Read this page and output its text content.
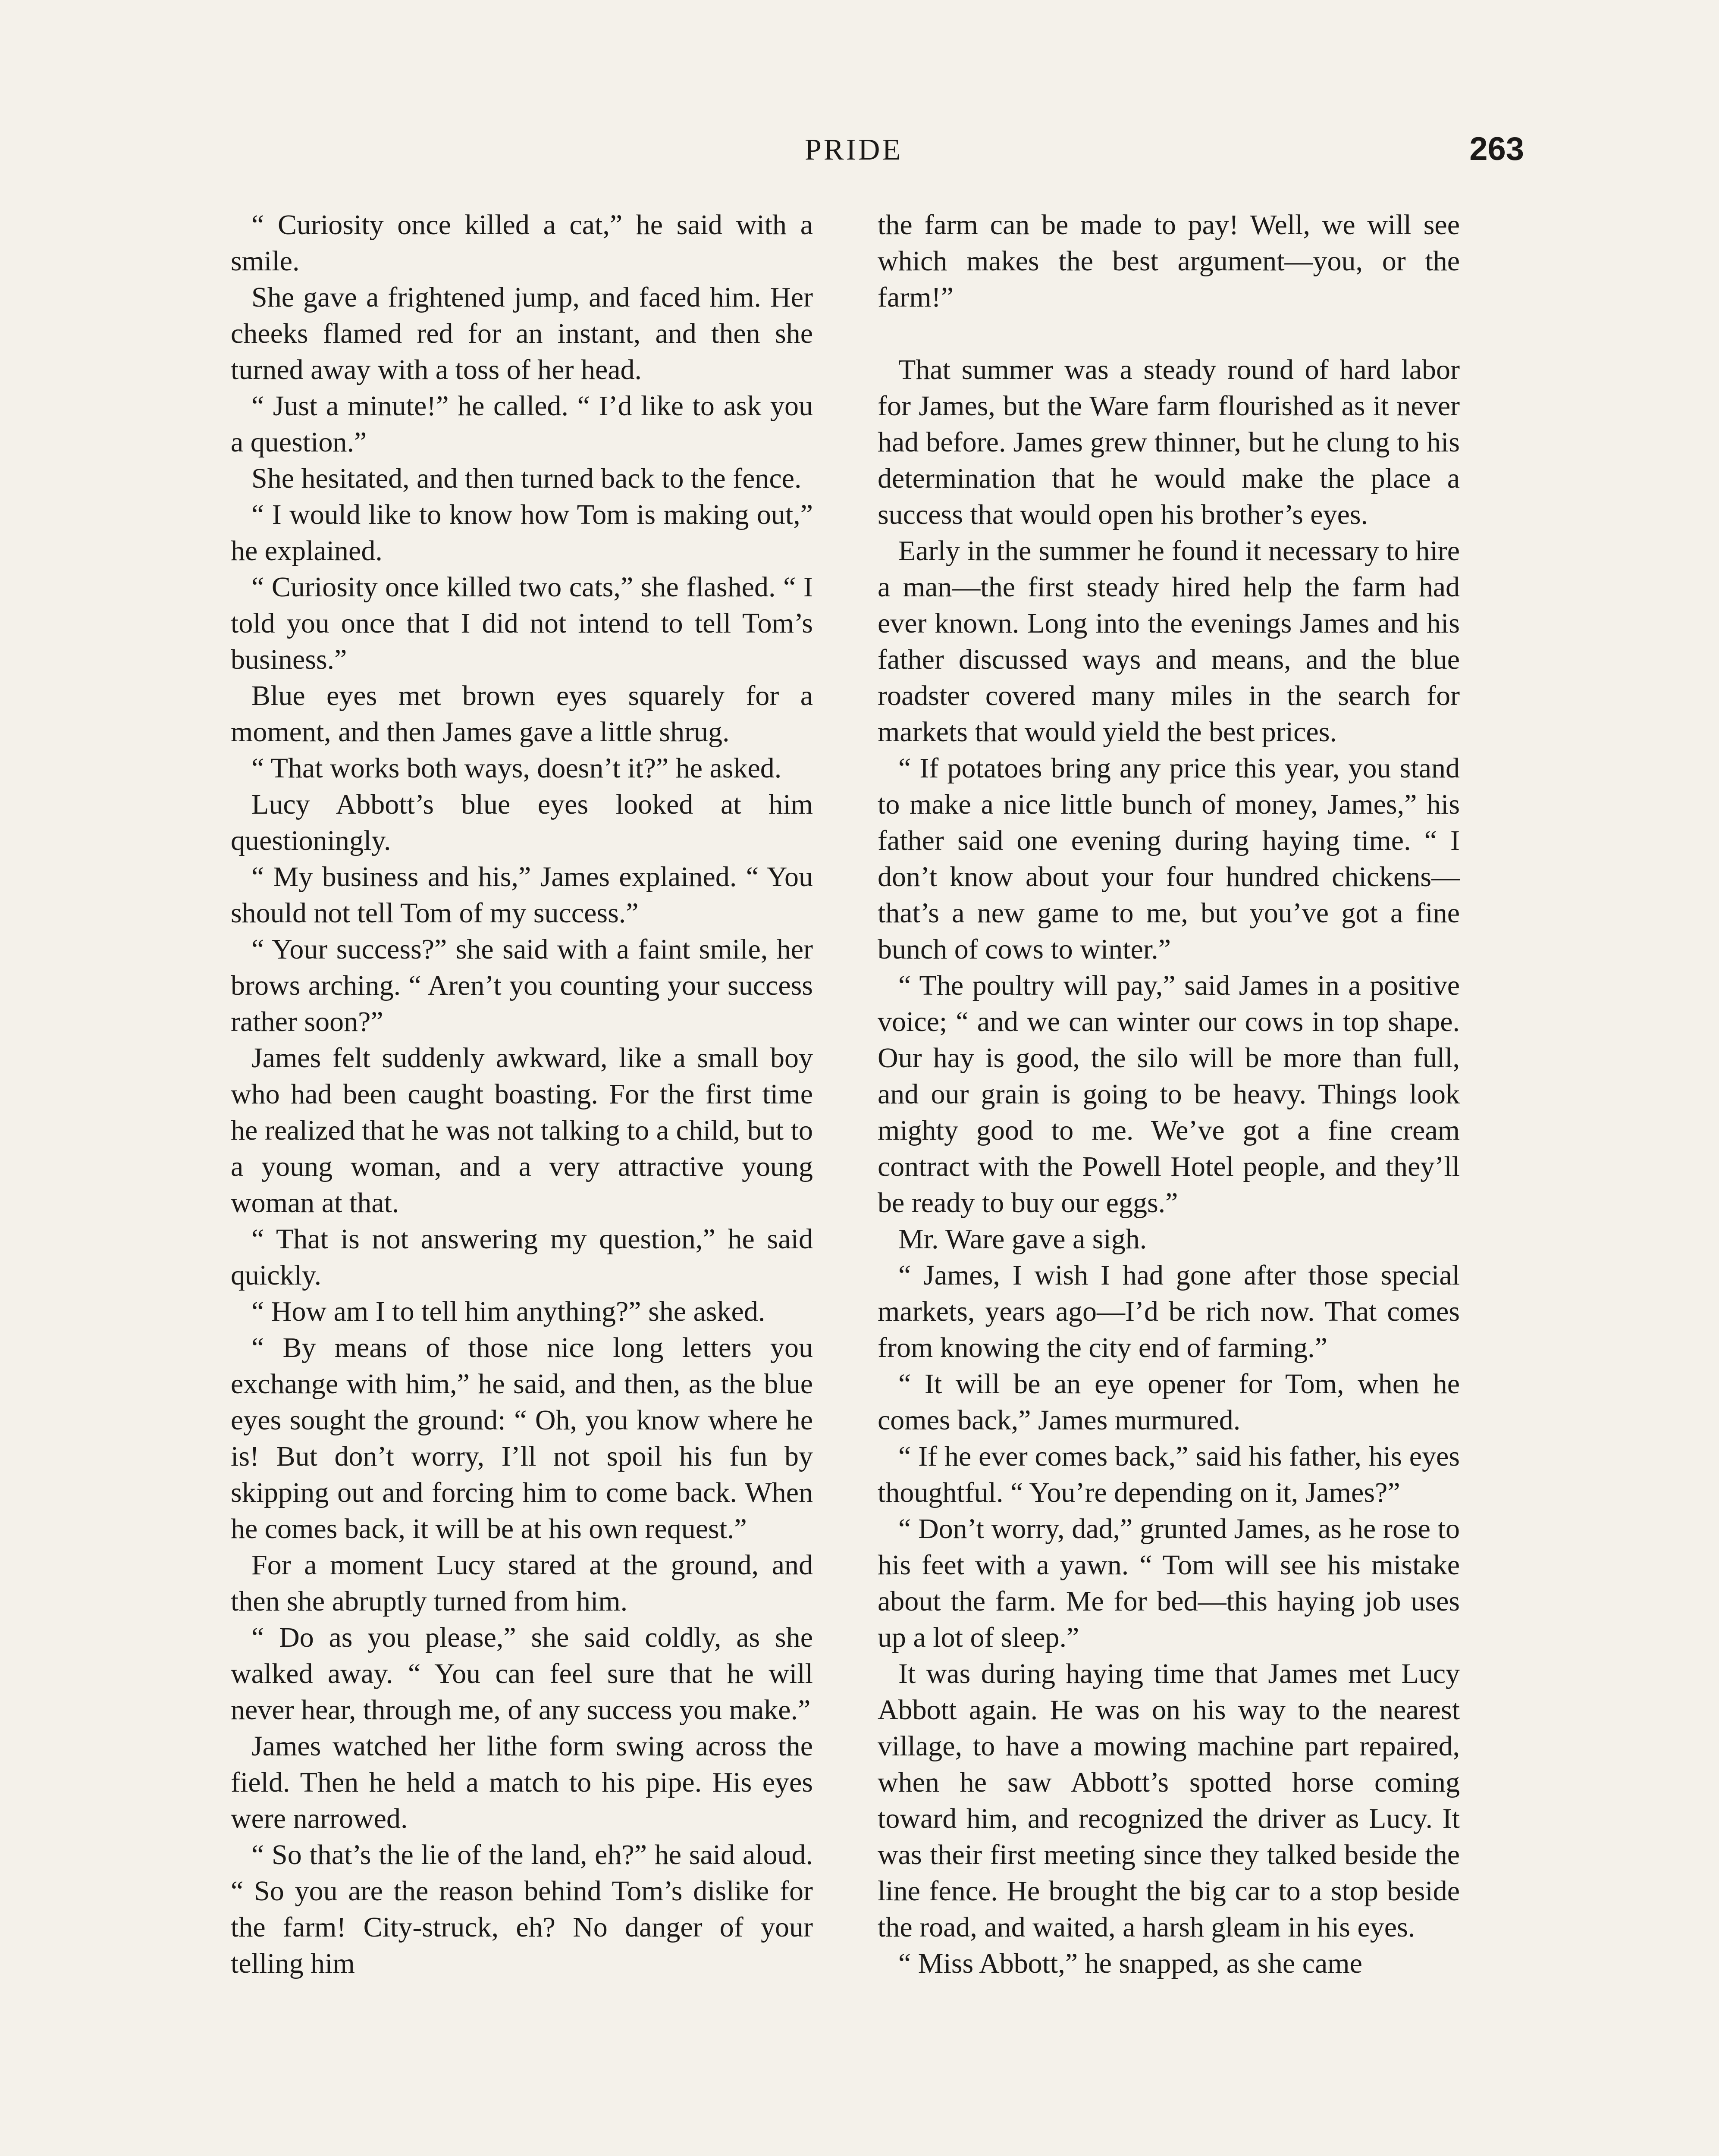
PRIDE	263

“ Curiosity once killed a cat,” he said with a smile.

She gave a frightened jump, and faced him. Her cheeks flamed red for an instant, and then she turned away with a toss of her head.

“ Just a minute!” he called. “ I’d like to ask you a question.”

She hesitated, and then turned back to the fence.

“ I would like to know how Tom is making out,” he explained.

“ Curiosity once killed two cats,” she flashed. “ I told you once that I did not intend to tell Tom’s business.”

Blue eyes met brown eyes squarely for a moment, and then James gave a little shrug.

“ That works both ways, doesn’t it?” he asked.

Lucy Abbott’s blue eyes looked at him questioningly.

“ My business and his,” James explained. “ You should not tell Tom of my success.”

“ Your success?” she said with a faint smile, her brows arching. “ Aren’t you counting your success rather soon?”

James felt suddenly awkward, like a small boy who had been caught boasting. For the first time he realized that he was not talking to a child, but to a young woman, and a very attractive young woman at that.

“ That is not answering my question,” he said quickly.

“ How am I to tell him anything?” she asked.

“ By means of those nice long letters you exchange with him,” he said, and then, as the blue eyes sought the ground: “ Oh, you know where he is! But don’t worry, I’ll not spoil his fun by skipping out and forcing him to come back. When he comes back, it will be at his own request.”

For a moment Lucy stared at the ground, and then she abruptly turned from him.

“ Do as you please,” she said coldly, as she walked away. “ You can feel sure that he will never hear, through me, of any success you make.”

James watched her lithe form swing across the field. Then he held a match to his pipe. His eyes were narrowed.

“ So that’s the lie of the land, eh?” he said aloud. “ So you are the reason behind Tom’s dislike for the farm! City-struck, eh? No danger of your telling him

the farm can be made to pay! Well, we will see which makes the best argument—you, or the farm!”

That summer was a steady round of hard labor for James, but the Ware farm flourished as it never had before. James grew thinner, but he clung to his determination that he would make the place a success that would open his brother’s eyes.

Early in the summer he found it necessary to hire a man—the first steady hired help the farm had ever known. Long into the evenings James and his father discussed ways and means, and the blue roadster covered many miles in the search for markets that would yield the best prices.

“ If potatoes bring any price this year, you stand to make a nice little bunch of money, James,” his father said one evening during haying time. “ I don’t know about your four hundred chickens—that’s a new game to me, but you’ve got a fine bunch of cows to winter.”

“ The poultry will pay,” said James in a positive voice; “ and we can winter our cows in top shape. Our hay is good, the silo will be more than full, and our grain is going to be heavy. Things look mighty good to me. We’ve got a fine cream contract with the Powell Hotel people, and they’ll be ready to buy our eggs.”

Mr. Ware gave a sigh.

“ James, I wish I had gone after those special markets, years ago—I’d be rich now. That comes from knowing the city end of farming.”

“ It will be an eye opener for Tom, when he comes back,” James murmured.

“ If he ever comes back,” said his father, his eyes thoughtful. “ You’re depending on it, James?”

“ Don’t worry, dad,” grunted James, as he rose to his feet with a yawn. “ Tom will see his mistake about the farm. Me for bed—this haying job uses up a lot of sleep.”

It was during haying time that James met Lucy Abbott again. He was on his way to the nearest village, to have a mowing machine part repaired, when he saw Abbott’s spotted horse coming toward him, and recognized the driver as Lucy. It was their first meeting since they talked beside the line fence. He brought the big car to a stop beside the road, and waited, a harsh gleam in his eyes.

“ Miss Abbott,” he snapped, as she came
